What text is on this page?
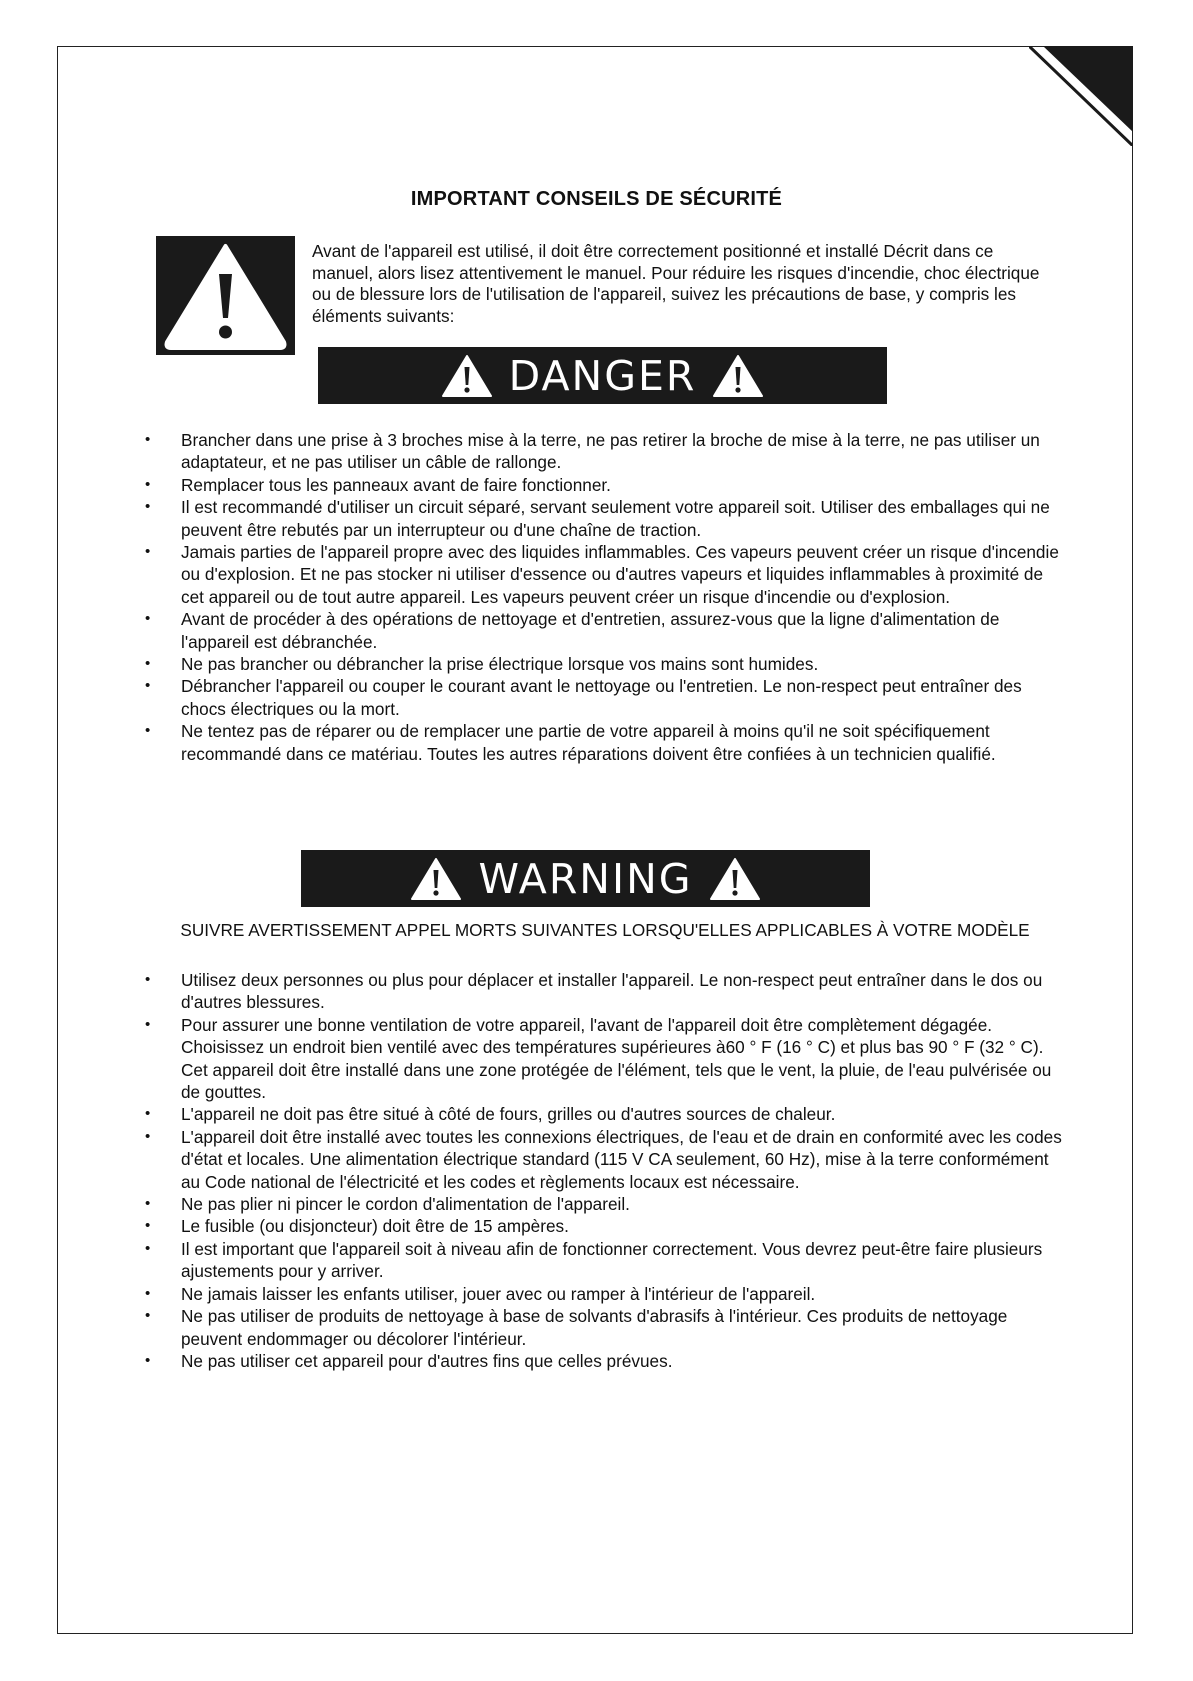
IMPORTANT CONSEILS DE SÉCURITÉ

Avant de l'appareil est utilisé, il doit être correctement positionné et installé Décrit dans ce manuel, alors lisez attentivement le manuel. Pour réduire les risques d'incendie, choc électrique ou de blessure lors de l'utilisation de l'appareil, suivez les précautions de base, y compris les éléments suivants:

DANGER
• Brancher dans une prise à 3 broches mise à la terre, ne pas retirer la broche de mise à la terre, ne pas utiliser un adaptateur, et ne pas utiliser un câble de rallonge.
• Remplacer tous les panneaux avant de faire fonctionner.
• Il est recommandé d'utiliser un circuit séparé, servant seulement votre appareil soit. Utiliser des emballages qui ne peuvent être rebutés par un interrupteur ou d'une chaîne de traction.
• Jamais parties de l'appareil propre avec des liquides inflammables. Ces vapeurs peuvent créer un risque d'incendie ou d'explosion. Et ne pas stocker ni utiliser d'essence ou d'autres vapeurs et liquides inflammables à proximité de cet appareil ou de tout autre appareil. Les vapeurs peuvent créer un risque d'incendie ou d'explosion.
• Avant de procéder à des opérations de nettoyage et d'entretien, assurez-vous que la ligne d'alimentation de l'appareil est débranchée.
• Ne pas brancher ou débrancher la prise électrique lorsque vos mains sont humides.
• Débrancher l'appareil ou couper le courant avant le nettoyage ou l'entretien. Le non-respect peut entraîner des chocs électriques ou la mort.
• Ne tentez pas de réparer ou de remplacer une partie de votre appareil à moins qu'il ne soit spécifiquement recommandé dans ce matériau. Toutes les autres réparations doivent être confiées à un technicien qualifié.
WARNING
SUIVRE AVERTISSEMENT APPEL MORTS SUIVANTES LORSQU'ELLES APPLICABLES À VOTRE MODÈLE
• Utilisez deux personnes ou plus pour déplacer et installer l'appareil. Le non-respect peut entraîner dans le dos ou d'autres blessures.
• Pour assurer une bonne ventilation de votre appareil, l'avant de l'appareil doit être complètement dégagée. Choisissez un endroit bien ventilé avec des températures supérieures à60 ° F (16 ° C) et plus bas 90 ° F (32 ° C). Cet appareil doit être installé dans une zone protégée de l'élément, tels que le vent, la pluie, de l'eau pulvérisée ou de gouttes.
• L'appareil ne doit pas être situé à côté de fours, grilles ou d'autres sources de chaleur.
• L'appareil doit être installé avec toutes les connexions électriques, de l'eau et de drain en conformité avec les codes d'état et locales. Une alimentation électrique standard (115 V CA seulement, 60 Hz), mise à la terre conformément au Code national de l'électricité et les codes et règlements locaux est nécessaire.
• Ne pas plier ni pincer le cordon d'alimentation de l'appareil.
• Le fusible (ou disjoncteur) doit être de 15 ampères.
• Il est important que l'appareil soit à niveau afin de fonctionner correctement. Vous devrez peut-être faire plusieurs ajustements pour y arriver.
• Ne jamais laisser les enfants utiliser, jouer avec ou ramper à l'intérieur de l'appareil.
• Ne pas utiliser de produits de nettoyage à base de solvants d'abrasifs à l'intérieur. Ces produits de nettoyage peuvent endommager ou décolorer l'intérieur.
• Ne pas utiliser cet appareil pour d'autres fins que celles prévues.
